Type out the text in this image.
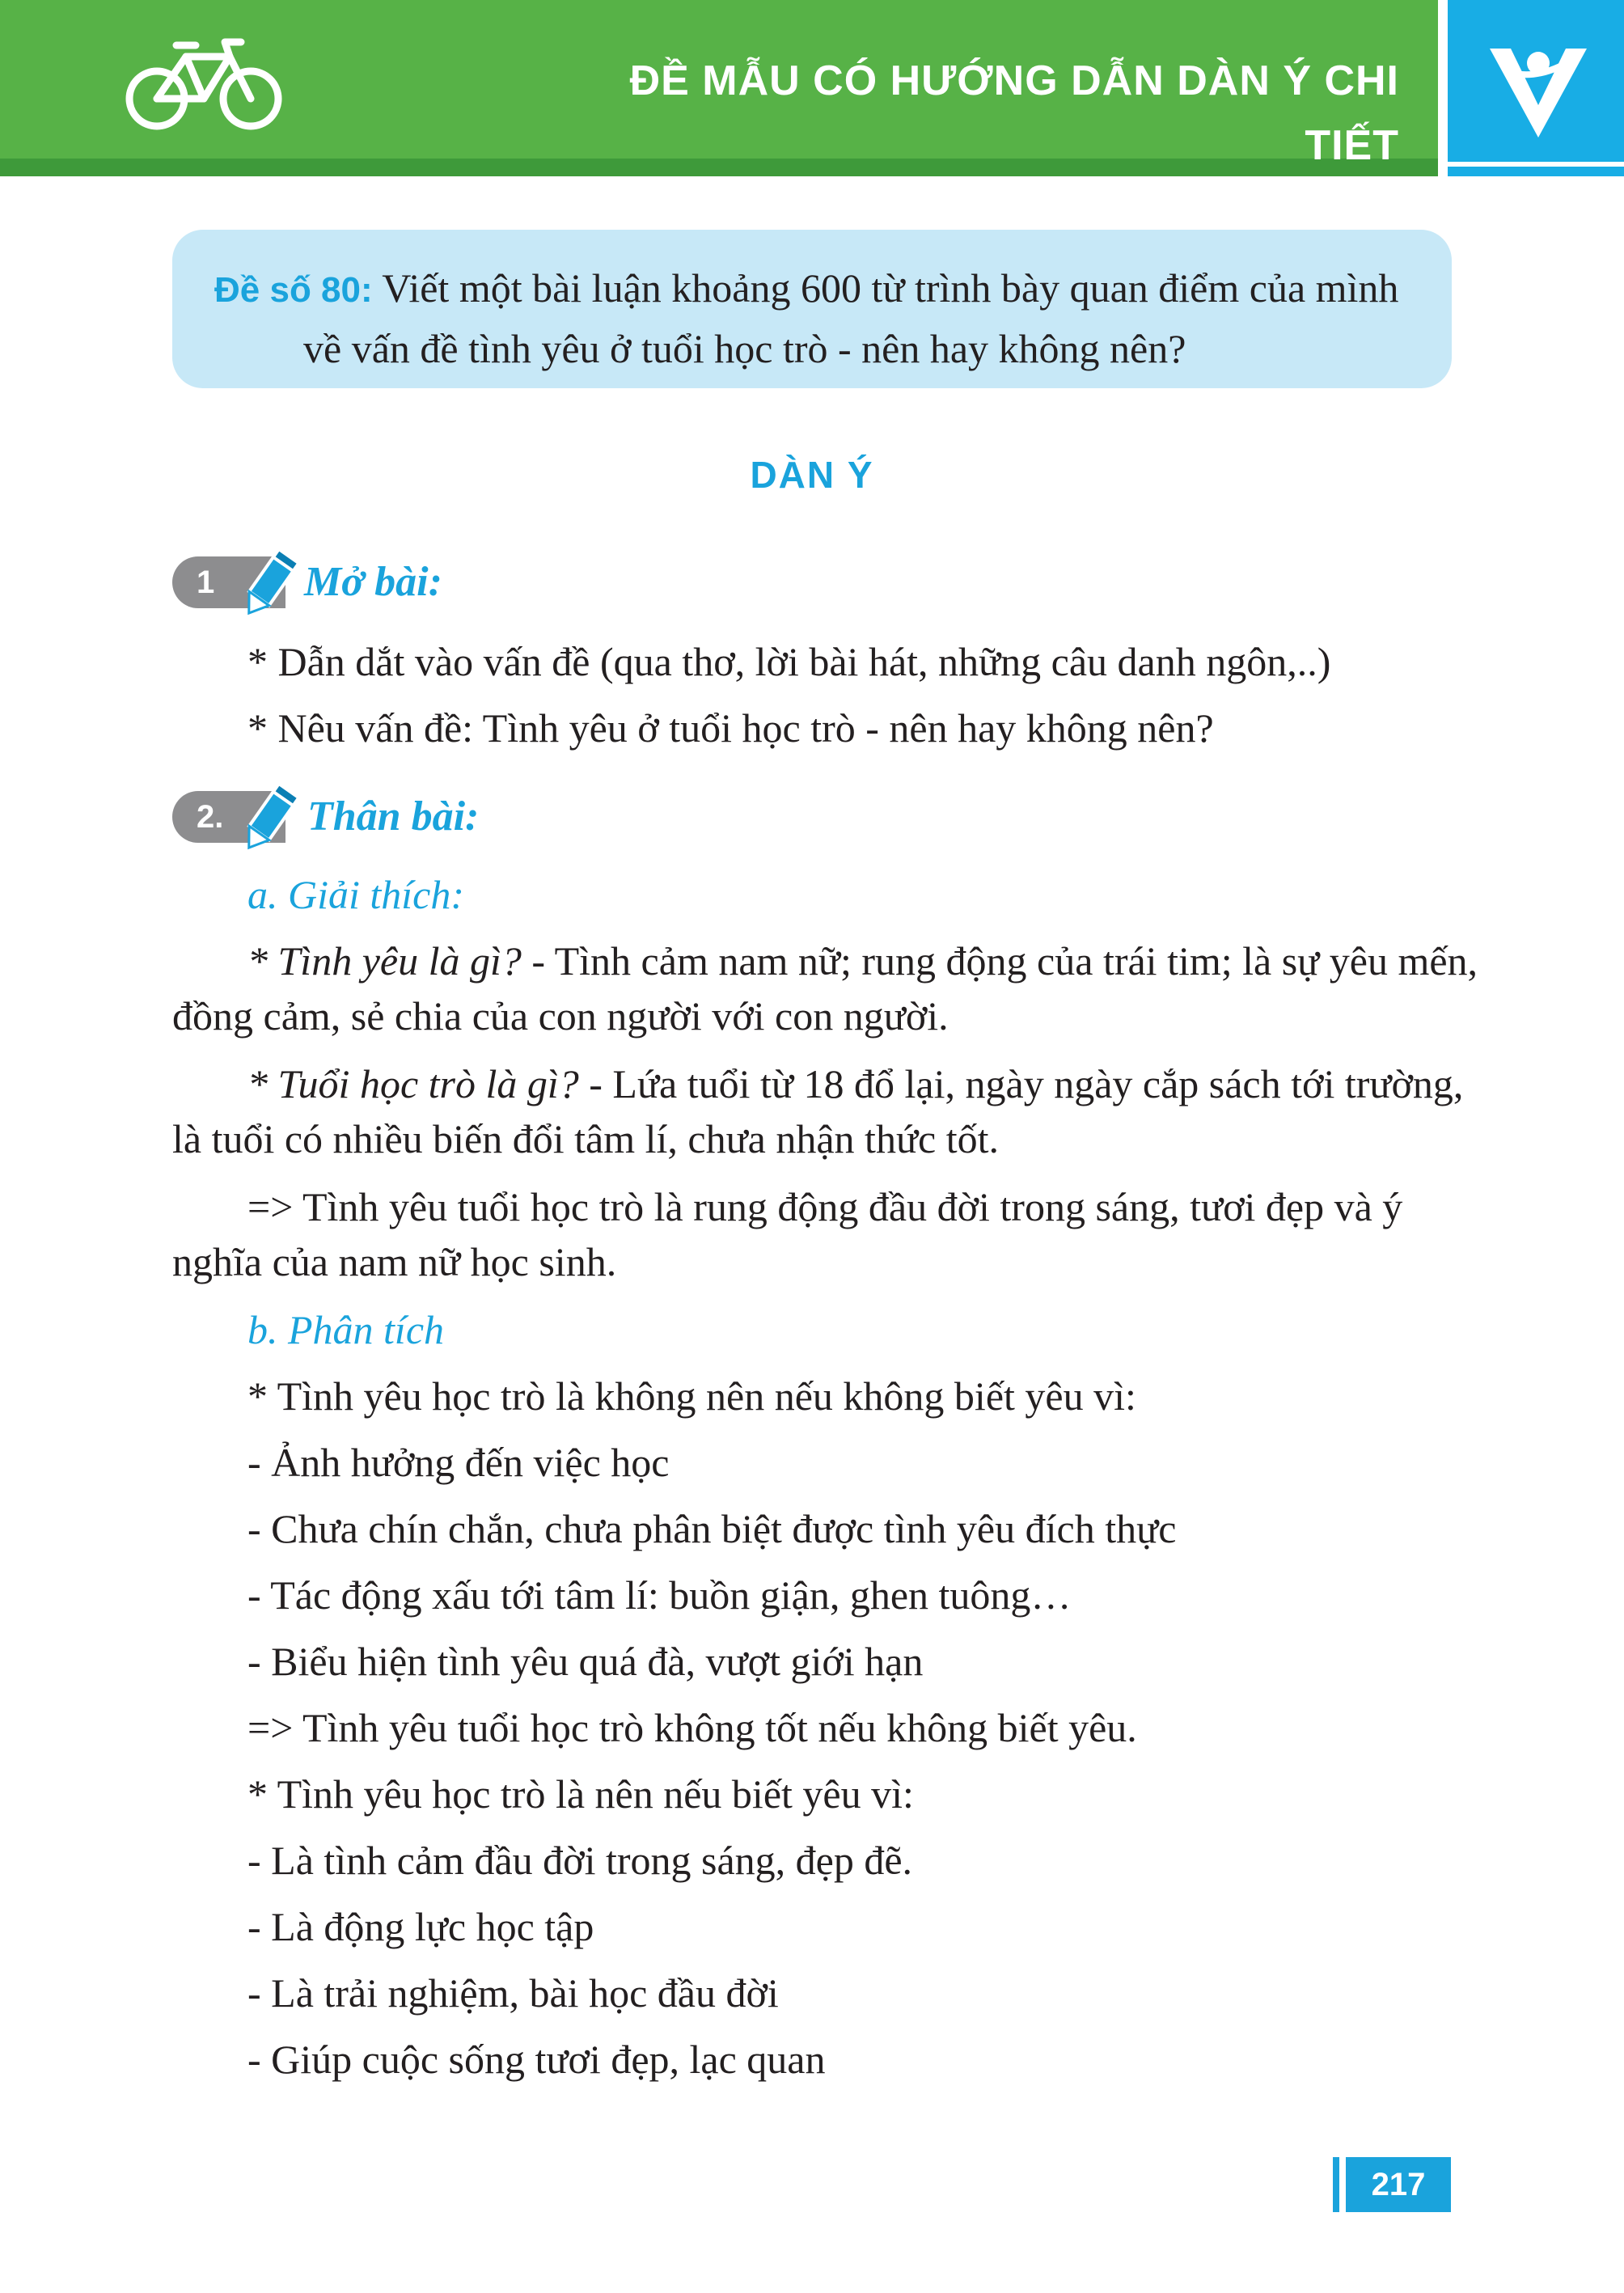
ĐỀ MẪU CÓ HƯỚNG DẪN DÀN Ý CHI TIẾT
Đề số 80: Viết một bài luận khoảng 600 từ trình bày quan điểm của mình
về vấn đề tình yêu ở tuổi học trò - nên hay không nên?
DÀN Ý
1	Mở bài:
* Dẫn dắt vào vấn đề (qua thơ, lời bài hát, những câu danh ngôn,..)
* Nêu vấn đề: Tình yêu ở tuổi học trò - nên hay không nên?
2.	Thân bài:
a. Giải thích:
* Tình yêu là gì? - Tình cảm nam nữ; rung động của trái tim; là sự yêu mến,
đồng cảm, sẻ chia của con người với con người.
* Tuổi học trò là gì? - Lứa tuổi từ 18 đổ lại, ngày ngày cắp sách tới trường,
là tuổi có nhiều biến đổi tâm lí, chưa nhận thức tốt.
=> Tình yêu tuổi học trò là rung động đầu đời trong sáng, tươi đẹp và ý
nghĩa của nam nữ học sinh.
b. Phân tích
* Tình yêu học trò là không nên nếu không biết yêu vì:
- Ảnh hưởng đến việc học
- Chưa chín chắn, chưa phân biệt được tình yêu đích thực
- Tác động xấu tới tâm lí: buồn giận, ghen tuông…
- Biểu hiện tình yêu quá đà, vượt giới hạn
=> Tình yêu tuổi học trò không tốt nếu không biết yêu.
* Tình yêu học trò là nên nếu biết yêu vì:
- Là tình cảm đầu đời trong sáng, đẹp đẽ.
- Là động lực học tập
- Là trải nghiệm, bài học đầu đời
- Giúp cuộc sống tươi đẹp, lạc quan
217
